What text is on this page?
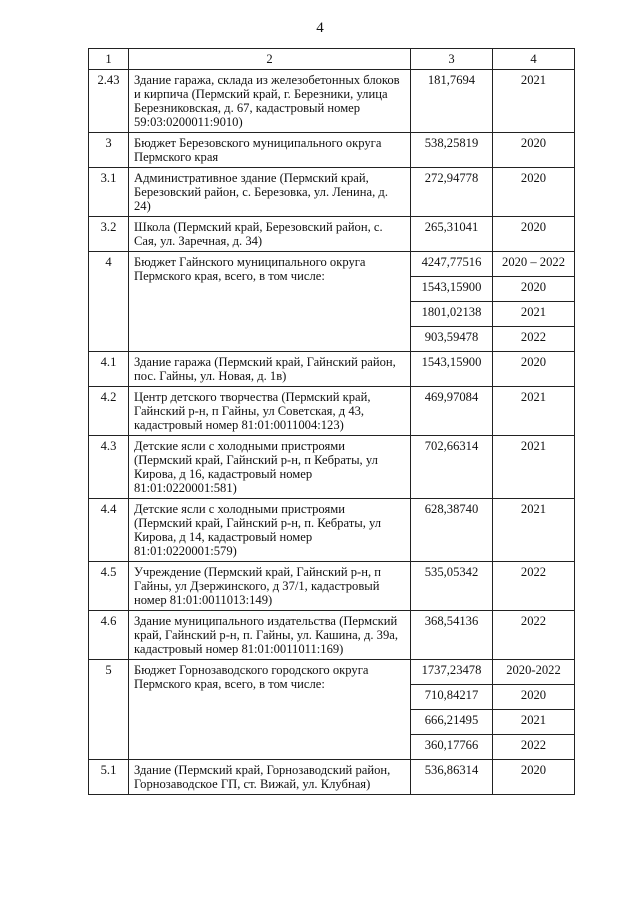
4
1	2	3	4
2.43	Здание гаража, склада из железобетонных блоков и кирпича (Пермский край, г. Березники, улица Березниковская, д. 67, кадастровый номер 59:03:0200011:9010)	181,7694	2021
3	Бюджет Березовского муниципального округа Пермского края	538,25819	2020
3.1	Административное здание (Пермский край, Березовский район, с. Березовка, ул. Ленина, д. 24)	272,94778	2020
3.2	Школа (Пермский край, Березовский район, с. Сая, ул. Заречная, д. 34)	265,31041	2020
4	Бюджет Гайнского муниципального округа Пермского края, всего, в том числе:	4247,77516	2020 – 2022
		1543,15900	2020
		1801,02138	2021
		903,59478	2022
4.1	Здание гаража (Пермский край, Гайнский район, пос. Гайны, ул. Новая, д. 1в)	1543,15900	2020
4.2	Центр детского творчества (Пермский край, Гайнский р-н, п Гайны, ул Советская, д 43, кадастровый номер 81:01:0011004:123)	469,97084	2021
4.3	Детские ясли с холодными пристроями (Пермский край, Гайнский р-н, п Кебраты, ул Кирова, д 16, кадастровый номер 81:01:0220001:581)	702,66314	2021
4.4	Детские ясли с холодными пристроями (Пермский край, Гайнский р-н, п. Кебраты, ул Кирова, д 14, кадастровый номер 81:01:0220001:579)	628,38740	2021
4.5	Учреждение (Пермский край, Гайнский р-н, п Гайны, ул Дзержинского, д 37/1, кадастровый номер 81:01:0011013:149)	535,05342	2022
4.6	Здание муниципального издательства (Пермский край, Гайнский р-н, п. Гайны, ул. Кашина, д. 39а, кадастровый номер 81:01:0011011:169)	368,54136	2022
5	Бюджет Горнозаводского городского округа Пермского края, всего, в том числе:	1737,23478	2020-2022
		710,84217	2020
		666,21495	2021
		360,17766	2022
5.1	Здание (Пермский край, Горнозаводский район, Горнозаводское ГП, ст. Вижай, ул. Клубная)	536,86314	2020
